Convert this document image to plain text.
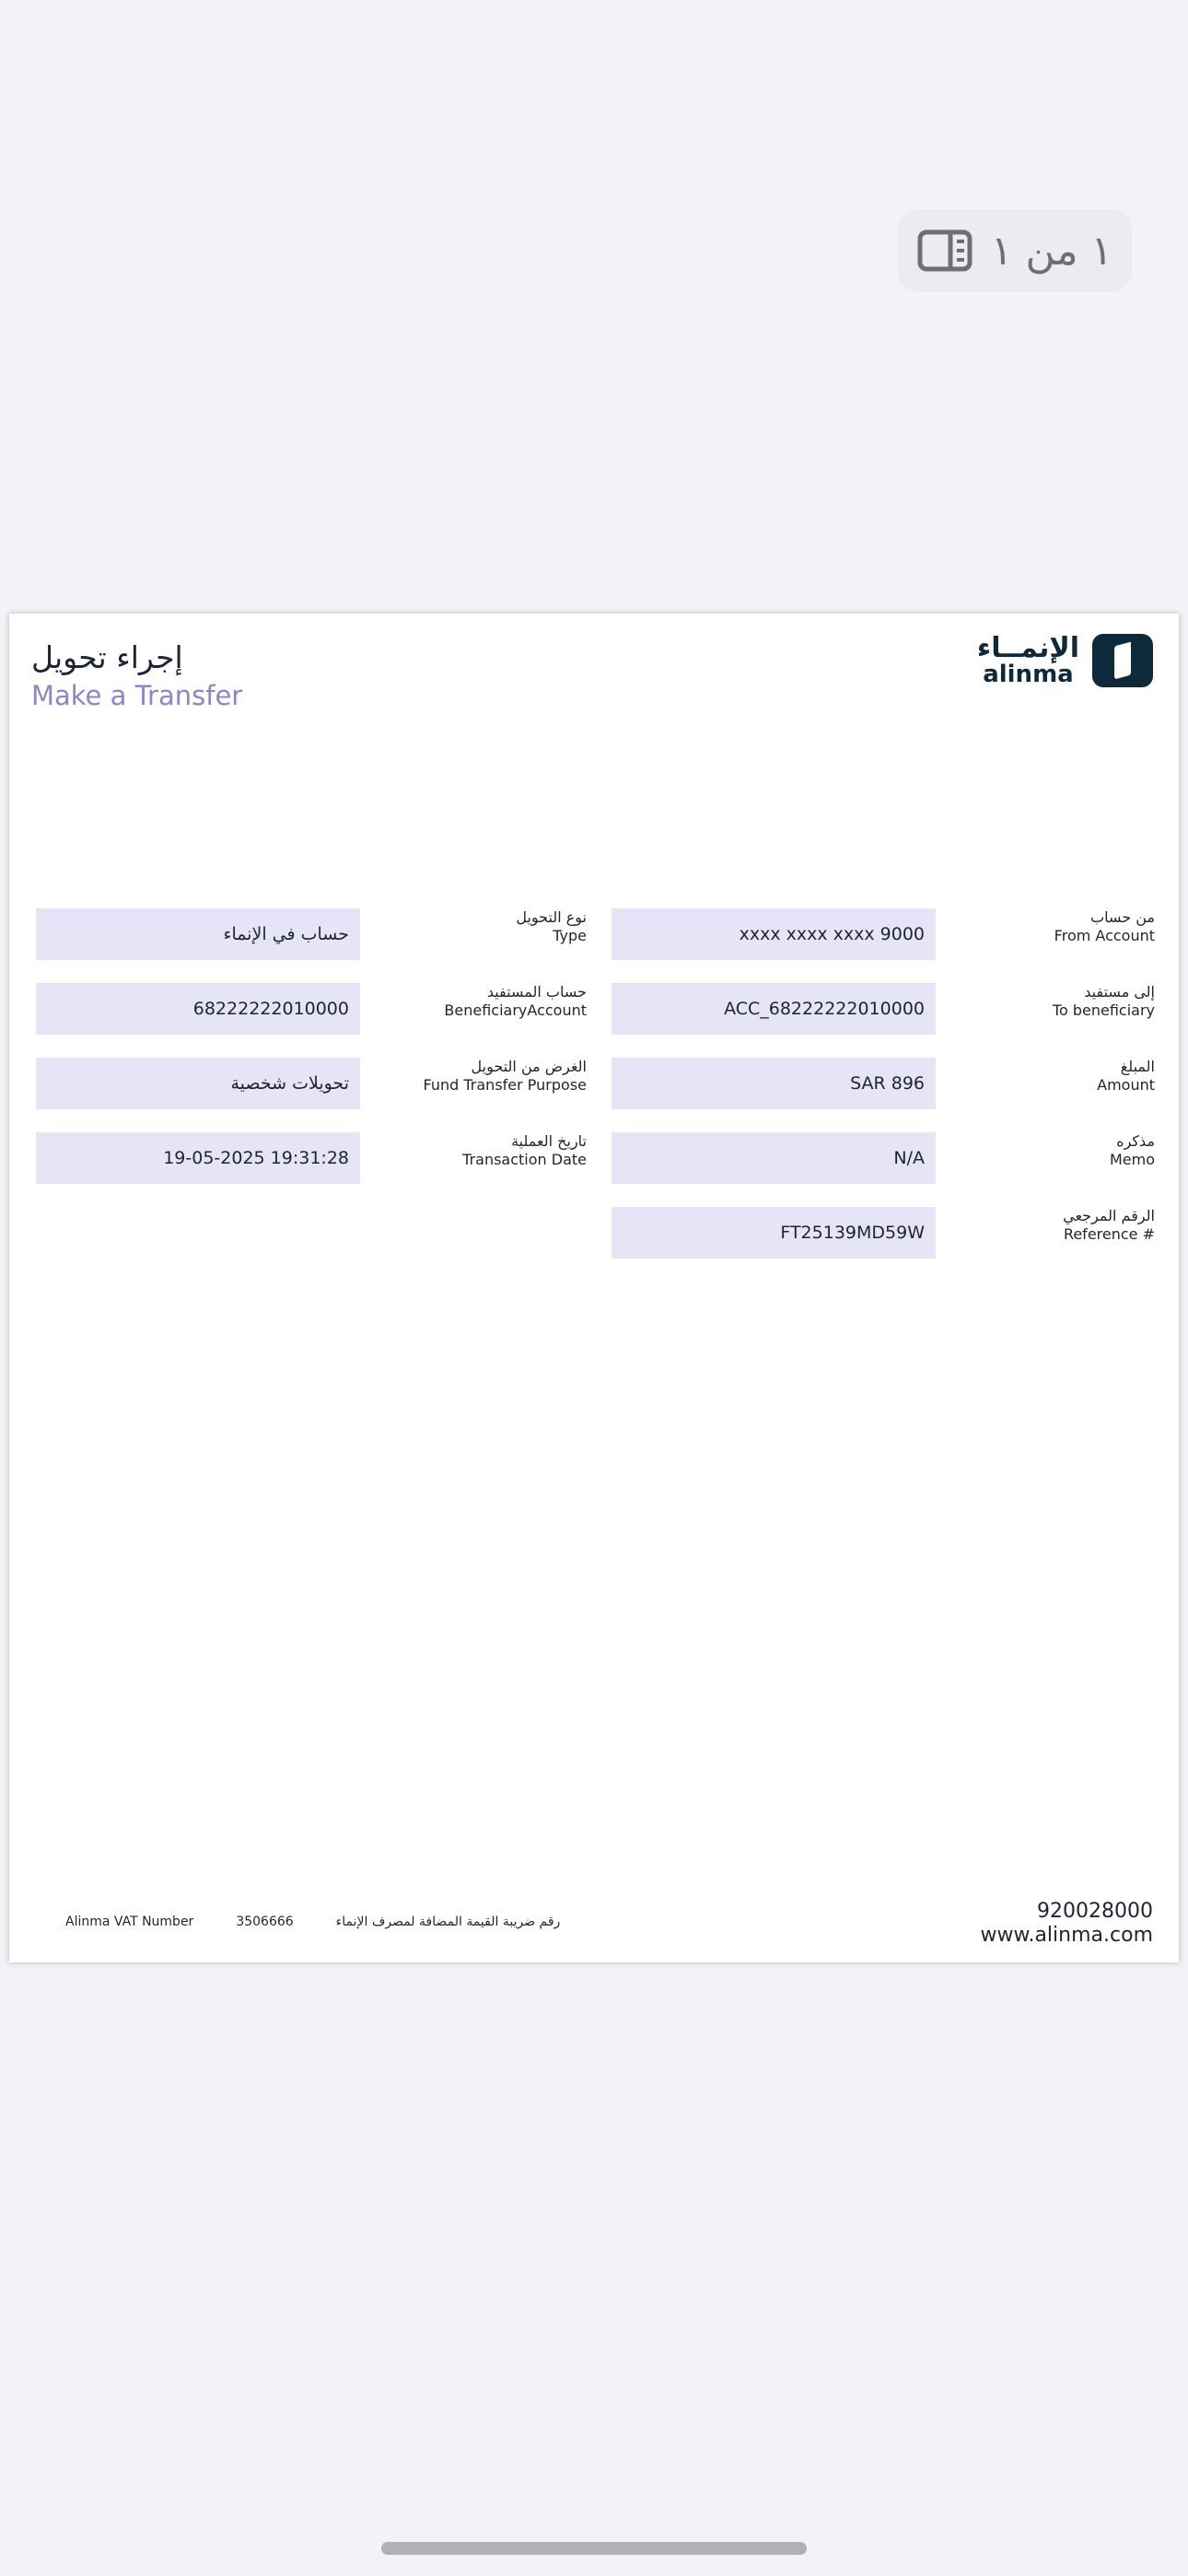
١ من ١
إجراء تحويل
Make a Transfer
الإنمــاء
alinma
من حساب
From Account
xxxx xxxx xxxx 9000
إلى مستفيد
To beneficiary
ACC_68222222010000
المبلغ
Amount
SAR 896
مذكره
Memo
N/A
الرقم المرجعي
Reference #
FT25139MD59W
نوع التحويل
Type
حساب في الإنماء
حساب المستفيد
BeneficiaryAccount
68222222010000
الغرض من التحويل
Fund Transfer Purpose
تحويلات شخصية
تاريخ العملية
Transaction Date
19-05-2025 19:31:28
920028000
www.alinma.com
Alinma VAT Number	3506666	رقم ضريبة القيمة المضافة لمصرف الإنماء
